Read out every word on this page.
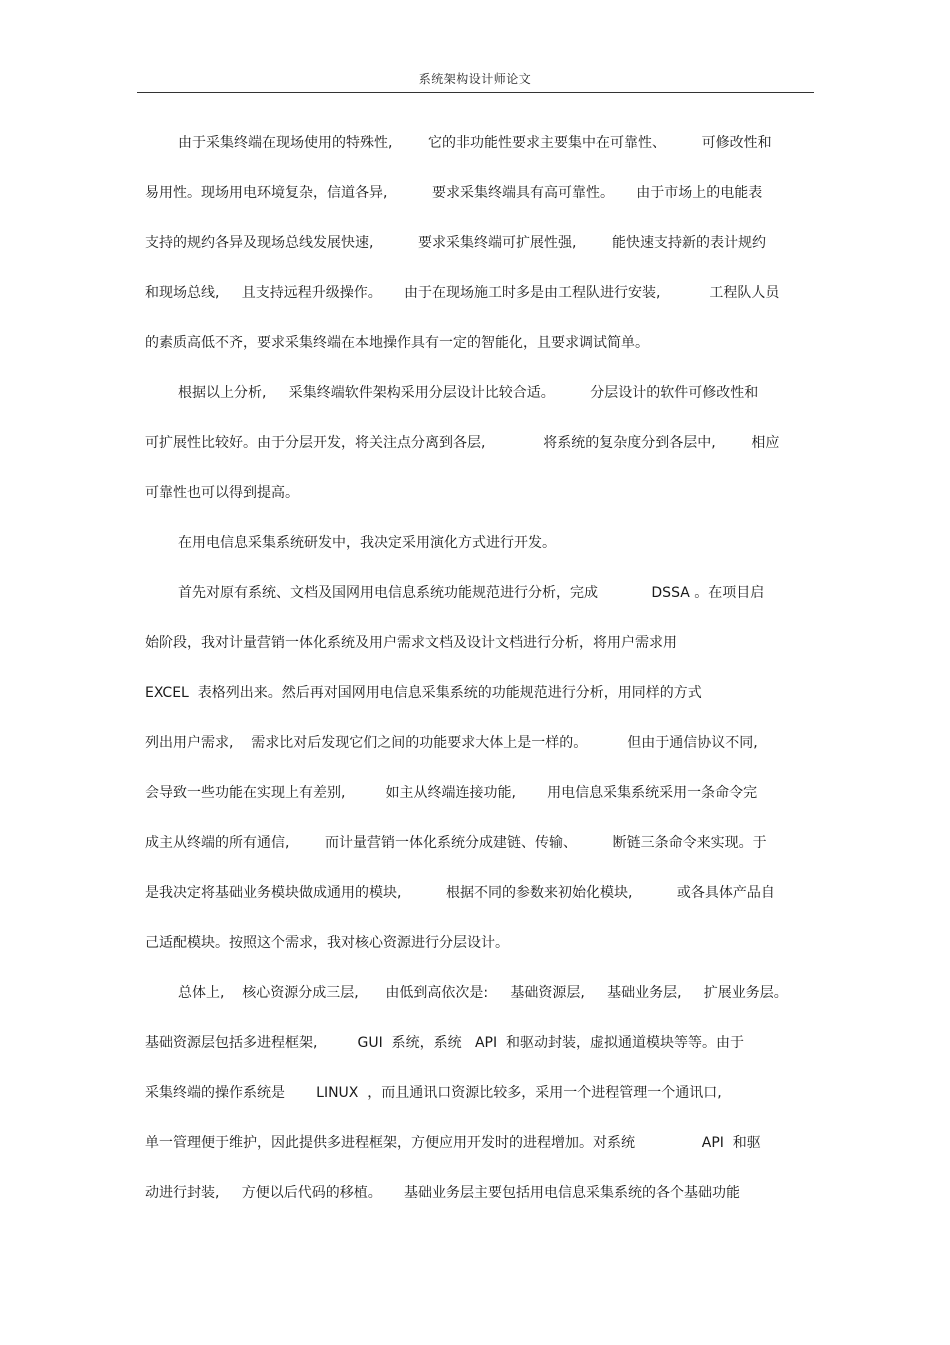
系统架构设计师论文
由于采集终端在现场使用的特殊性,        它的非功能性要求主要集中在可靠性、        可修改性和
易用性。现场用电环境复杂，信道各异,          要求采集终端具有高可靠性。     由于市场上的电能表
支持的规约各异及现场总线发展快速,          要求采集终端可扩展性强,        能快速支持新的表计规约
和现场总线,     且支持远程升级操作。     由于在现场施工时多是由工程队进行安装,           工程队人员
的素质高低不齐，要求采集终端在本地操作具有一定的智能化，且要求调试简单。
根据以上分析,     采集终端软件架构采用分层设计比较合适。        分层设计的软件可修改性和
可扩展性比较好。由于分层开发，将关注点分离到各层,             将系统的复杂度分到各层中,        相应
可靠性也可以得到提高。
在用电信息采集系统研发中，我决定采用演化方式进行开发。
首先对原有系统、文档及国网用电信息系统功能规范进行分析，完成            DSSA 。在项目启
始阶段，我对计量营销一体化系统及用户需求文档及设计文档进行分析，将用户需求用
EXCEL  表格列出来。然后再对国网用电信息采集系统的功能规范进行分析，用同样的方式
列出用户需求,    需求比对后发现它们之间的功能要求大体上是一样的。         但由于通信协议不同,
会导致一些功能在实现上有差别,         如主从终端连接功能,       用电信息采集系统采用一条命令完
成主从终端的所有通信,        而计量营销一体化系统分成建链、传输、        断链三条命令来实现。于
是我决定将基础业务模块做成通用的模块,          根据不同的参数来初始化模块,          或各具体产品自
己适配模块。按照这个需求，我对核心资源进行分层设计。
总体上,    核心资源分成三层,      由低到高依次是:     基础资源层,     基础业务层,     扩展业务层。
基础资源层包括多进程框架,         GUI  系统，系统   API  和驱动封装，虚拟通道模块等等。由于
采集终端的操作系统是       LINUX  ，而且通讯口资源比较多，采用一个进程管理一个通讯口,
单一管理便于维护，因此提供多进程框架，方便应用开发时的进程增加。对系统               API  和驱
动进行封装,     方便以后代码的移植。     基础业务层主要包括用电信息采集系统的各个基础功能
